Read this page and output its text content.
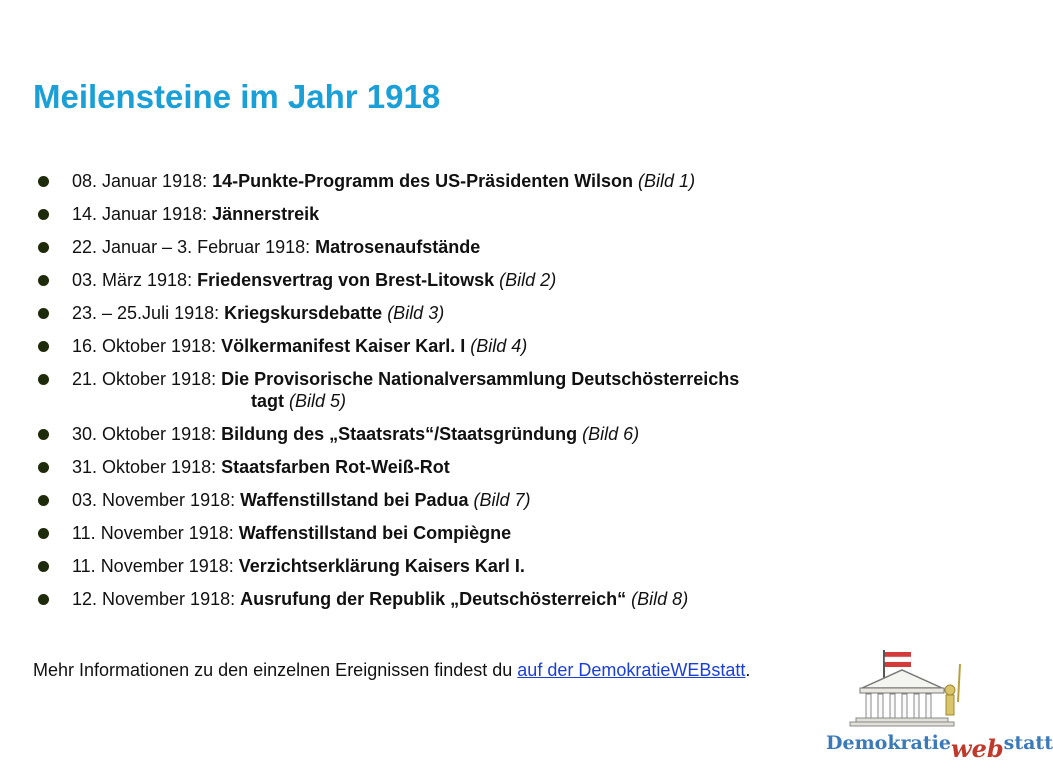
Meilensteine im Jahr 1918
08. Januar 1918: 14-Punkte-Programm des US-Präsidenten Wilson (Bild 1)
14. Januar 1918: Jännerstreik
22. Januar – 3. Februar 1918: Matrosenaufstände
03. März 1918: Friedensvertrag von Brest-Litowsk (Bild 2)
23. – 25.Juli 1918: Kriegskursdebatte (Bild 3)
16. Oktober 1918: Völkermanifest Kaiser Karl. I (Bild 4)
21. Oktober 1918: Die Provisorische Nationalversammlung Deutschösterreichs
tagt (Bild 5)
30. Oktober 1918: Bildung des „Staatsrats“/Staatsgründung (Bild 6)
31. Oktober 1918: Staatsfarben Rot-Weiß-Rot
03. November 1918: Waffenstillstand bei Padua (Bild 7)
11. November 1918: Waffenstillstand bei Compiègne
11. November 1918: Verzichtserklärung Kaisers Karl I.
12. November 1918: Ausrufung der Republik „Deutschösterreich“ (Bild 8)
Mehr Informationen zu den einzelnen Ereignissen findest du auf der DemokratieWEBstatt.
Demokratiewebstatt
